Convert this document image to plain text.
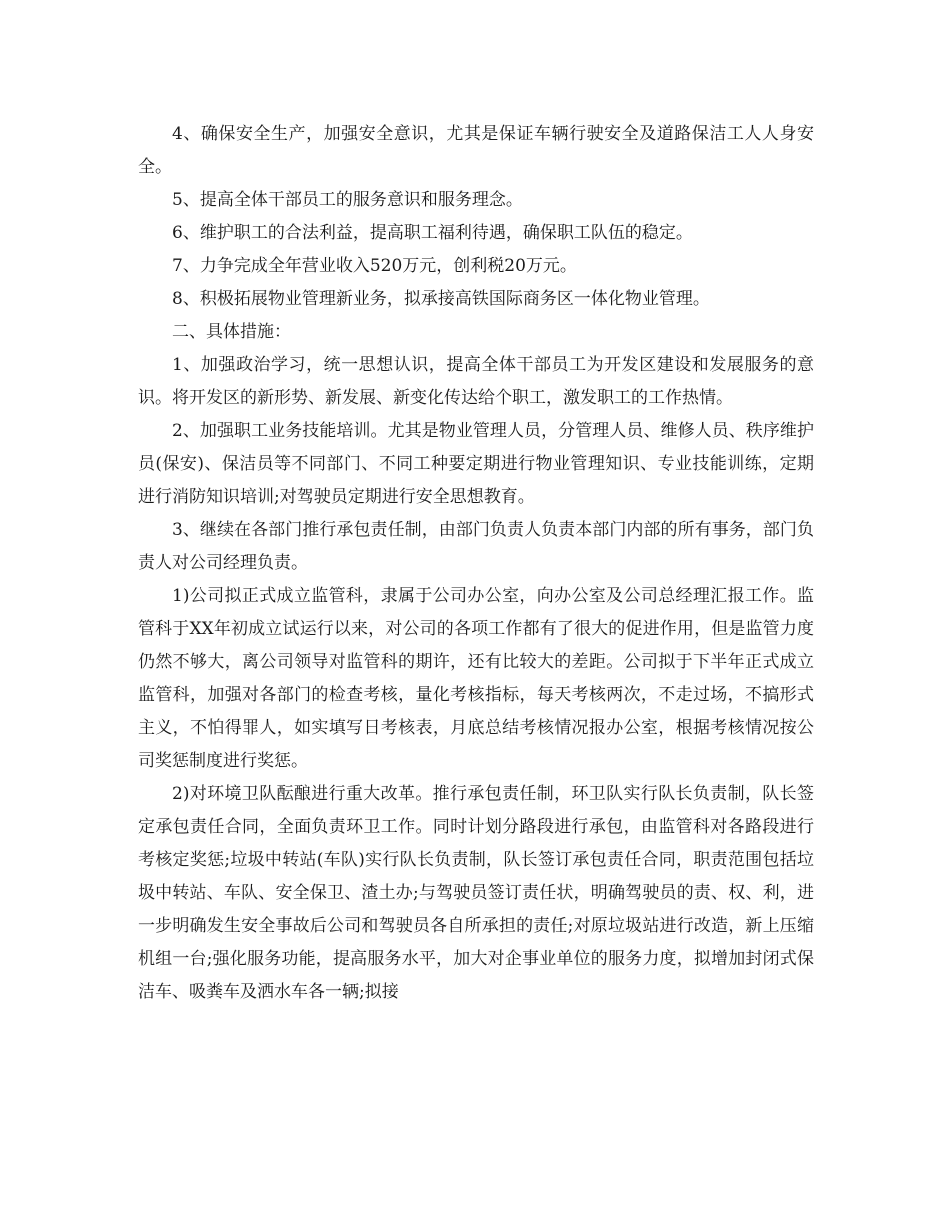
4、确保安全生产，加强安全意识，尤其是保证车辆行驶安全及道路保洁工人人身安全。

5、提高全体干部员工的服务意识和服务理念。

6、维护职工的合法利益，提高职工福利待遇，确保职工队伍的稳定。

7、力争完成全年营业收入520万元，创利税20万元。

8、积极拓展物业管理新业务，拟承接高铁国际商务区一体化物业管理。

二、具体措施：

1、加强政治学习，统一思想认识，提高全体干部员工为开发区建设和发展服务的意识。将开发区的新形势、新发展、新变化传达给个职工，激发职工的工作热情。

2、加强职工业务技能培训。尤其是物业管理人员，分管理人员、维修人员、秩序维护员(保安)、保洁员等不同部门、不同工种要定期进行物业管理知识、专业技能训练，定期进行消防知识培训;对驾驶员定期进行安全思想教育。

3、继续在各部门推行承包责任制，由部门负责人负责本部门内部的所有事务，部门负责人对公司经理负责。

1)公司拟正式成立监管科，隶属于公司办公室，向办公室及公司总经理汇报工作。监管科于XX年初成立试运行以来，对公司的各项工作都有了很大的促进作用，但是监管力度仍然不够大，离公司领导对监管科的期许，还有比较大的差距。公司拟于下半年正式成立监管科，加强对各部门的检查考核，量化考核指标，每天考核两次，不走过场，不搞形式主义，不怕得罪人，如实填写日考核表，月底总结考核情况报办公室，根据考核情况按公司奖惩制度进行奖惩。

2)对环境卫队酝酿进行重大改革。推行承包责任制，环卫队实行队长负责制，队长签定承包责任合同，全面负责环卫工作。同时计划分路段进行承包，由监管科对各路段进行考核定奖惩;垃圾中转站(车队)实行队长负责制，队长签订承包责任合同，职责范围包括垃圾中转站、车队、安全保卫、渣土办;与驾驶员签订责任状，明确驾驶员的责、权、利，进一步明确发生安全事故后公司和驾驶员各自所承担的责任;对原垃圾站进行改造，新上压缩机组一台;强化服务功能，提高服务水平，加大对企事业单位的服务力度，拟增加封闭式保洁车、吸粪车及洒水车各一辆;拟接
